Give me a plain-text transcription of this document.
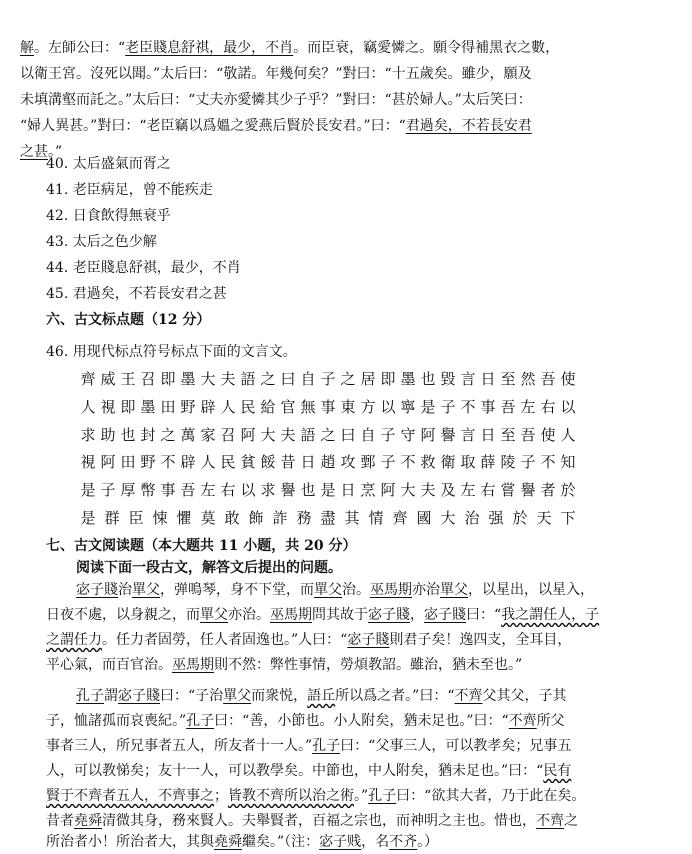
解。左師公曰：“老臣賤息舒祺，最少，不肖。而臣衰，竊愛憐之。願令得補黑衣之數，
以衛王宮。沒死以聞。”太后曰：“敬諾。年幾何矣？”對曰：“十五歲矣。雖少，願及
未填溝壑而託之。”太后曰：“丈夫亦愛憐其少子乎？”對曰：“甚於婦人。”太后笑曰：
“婦人異甚。”對曰：“老臣竊以爲媼之愛燕后賢於長安君。”曰：“君過矣，不若長安君
之甚。”
40. 太后盛氣而胥之
41. 老臣病足，曾不能疾走
42. 日食飲得無衰乎
43. 太后之色少解
44. 老臣賤息舒祺，最少，不肖
45. 君過矣，不若長安君之甚
六、古文标点题（12 分）
46. 用现代标点符号标点下面的文言文。
齊 威 王 召 即 墨 大 夫 語 之 曰 自 子 之 居 即 墨 也 毀 言 日 至 然 吾 使
人 視 即 墨 田 野 辟 人 民 給 官 無 事 東 方 以 寧 是 子 不 事 吾 左 右 以
求 助 也 封 之 萬 家 召 阿 大 夫 語 之 曰 自 子 守 阿 譽 言 日 至 吾 使 人
視 阿 田 野 不 辟 人 民 貧 餒 昔 日 趙 攻 鄄 子 不 救 衛 取 薛 陵 子 不 知
是 子 厚 幣 事 吾 左 右 以 求 譽 也 是 日 烹 阿 大 夫 及 左 右 嘗 譽 者 於
是 群 臣 悚 懼 莫 敢 飾 詐 務 盡 其 情 齊 國 大 治 强 於 天 下
七、古文阅读题（本大题共 11 小题，共 20 分）
阅读下面一段古文，解答文后提出的问题。
宓子賤治單父，弹鳴琴，身不下堂，而單父治。巫馬期亦治單父，以星出，以星入，
日夜不處，以身親之，而單父亦治。巫馬期問其故于宓子賤，宓子賤曰：“我之謂任人，子
之謂任力。任力者固勞，任人者固逸也。”人曰：“宓子賤則君子矣！逸四支，全耳目，
平心氣，而百官治。巫馬期則不然：弊性事情，勞煩教詔。雖治，猶未至也。”
孔子謂宓子賤曰：“子治單父而衆悦，語丘所以爲之者。”曰：“不齊父其父，子其
子，恤諸孤而哀喪紀。”孔子曰：“善，小節也。小人附矣，猶未足也。”曰：“不齊所父
事者三人，所兄事者五人，所友者十一人。”孔子曰：“父事三人，可以教孝矣；兄事五
人，可以教悌矣；友十一人，可以教學矣。中節也，中人附矣，猶未足也。”曰：“民有
賢于不齊者五人，不齊事之；皆教不齊所以治之術。”孔子曰：“欲其大者，乃于此在矣。
昔者堯舜清微其身，務來賢人。夫舉賢者，百福之宗也，而神明之主也。惜也，不齊之
所治者小！所治者大，其與堯舜繼矣。”（注：宓子贱，名不齐。）
